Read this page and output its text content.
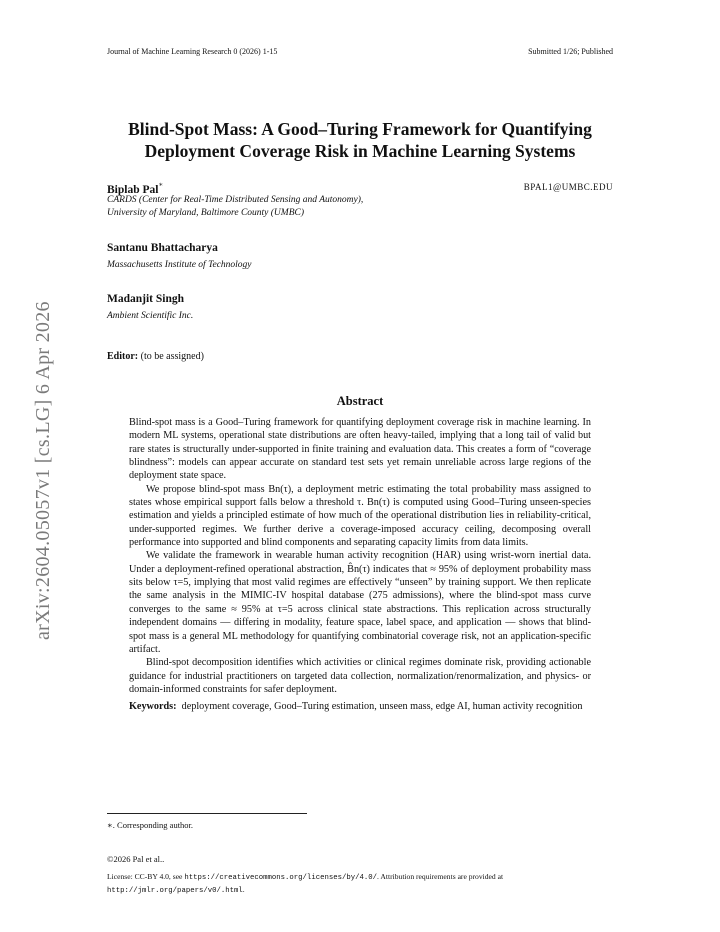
Journal of Machine Learning Research 0 (2026) 1-15	Submitted 1/26; Published
Blind-Spot Mass: A Good–Turing Framework for Quantifying
Deployment Coverage Risk in Machine Learning Systems
Biplab Pal∗	BPAL1@UMBC.EDU
CARDS (Center for Real-Time Distributed Sensing and Autonomy),
University of Maryland, Baltimore County (UMBC)
Santanu Bhattacharya
Massachusetts Institute of Technology
Madanjit Singh
Ambient Scientific Inc.
Editor: (to be assigned)
Abstract

Blind-spot mass is a Good–Turing framework for quantifying deployment coverage risk in machine learning. In modern ML systems, operational state distributions are often heavy-tailed, implying that a long tail of valid but rare states is structurally under-supported in finite training and evaluation data. This creates a form of “coverage blindness”: models can appear accurate on standard test sets yet remain unreliable across large regions of the deployment state space.

We propose blind-spot mass Bn(τ), a deployment metric estimating the total probability mass assigned to states whose empirical support falls below a threshold τ. Bn(τ) is computed using Good–Turing unseen-species estimation and yields a principled estimate of how much of the operational distribution lies in reliability-critical, under-supported regimes. We further derive a coverage-imposed accuracy ceiling, decomposing overall performance into supported and blind components and separating capacity limits from data limits.

We validate the framework in wearable human activity recognition (HAR) using wrist-worn inertial data. Under a deployment-refined operational abstraction, B̂n(τ) indicates that ≈ 95% of deployment probability mass sits below τ=5, implying that most valid regimes are effectively “unseen” by training support. We then replicate the same analysis in the MIMIC-IV hospital database (275 admissions), where the blind-spot mass curve converges to the same ≈ 95% at τ=5 across clinical state abstractions. This replication across structurally independent domains — differing in modality, feature space, label space, and application — shows that blind-spot mass is a general ML methodology for quantifying combinatorial coverage risk, not an application-specific artifact.

Blind-spot decomposition identifies which activities or clinical regimes dominate risk, providing actionable guidance for industrial practitioners on targeted data collection, normalization/renormalization, and physics- or domain-informed constraints for safer deployment.

Keywords: deployment coverage, Good–Turing estimation, unseen mass, edge AI, human activity recognition

arXiv:2604.05057v1 [cs.LG] 6 Apr 2026
∗. Corresponding author.
©2026 Pal et al..
License: CC-BY 4.0, see https://creativecommons.org/licenses/by/4.0/. Attribution requirements are provided at
http://jmlr.org/papers/v0/.html.
